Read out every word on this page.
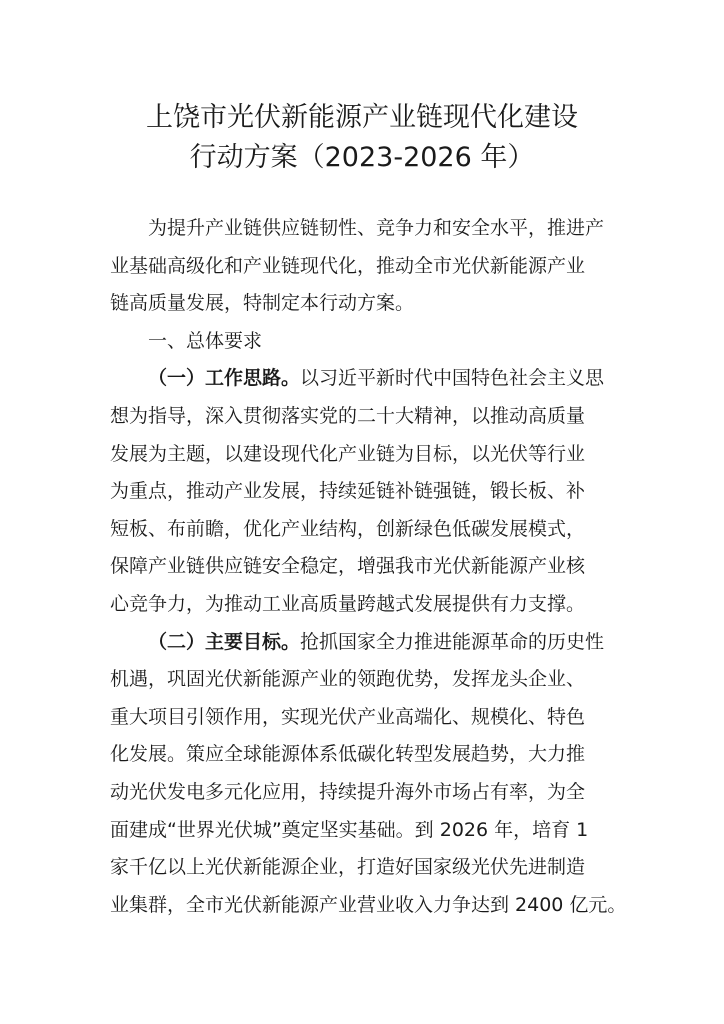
上饶市光伏新能源产业链现代化建设
行动方案（2023-2026 年）
为提升产业链供应链韧性、竞争力和安全水平，推进产
业基础高级化和产业链现代化，推动全市光伏新能源产业
链高质量发展，特制定本行动方案。
一、总体要求
（一）工作思路。以习近平新时代中国特色社会主义思
想为指导，深入贯彻落实党的二十大精神，以推动高质量
发展为主题，以建设现代化产业链为目标，以光伏等行业
为重点，推动产业发展，持续延链补链强链，锻长板、补
短板、布前瞻，优化产业结构，创新绿色低碳发展模式，
保障产业链供应链安全稳定，增强我市光伏新能源产业核
心竞争力，为推动工业高质量跨越式发展提供有力支撑。
（二）主要目标。抢抓国家全力推进能源革命的历史性
机遇，巩固光伏新能源产业的领跑优势，发挥龙头企业、
重大项目引领作用，实现光伏产业高端化、规模化、特色
化发展。策应全球能源体系低碳化转型发展趋势，大力推
动光伏发电多元化应用，持续提升海外市场占有率，为全
面建成“世界光伏城”奠定坚实基础。到 2026 年，培育 1
家千亿以上光伏新能源企业，打造好国家级光伏先进制造
业集群，全市光伏新能源产业营业收入力争达到 2400 亿元。
